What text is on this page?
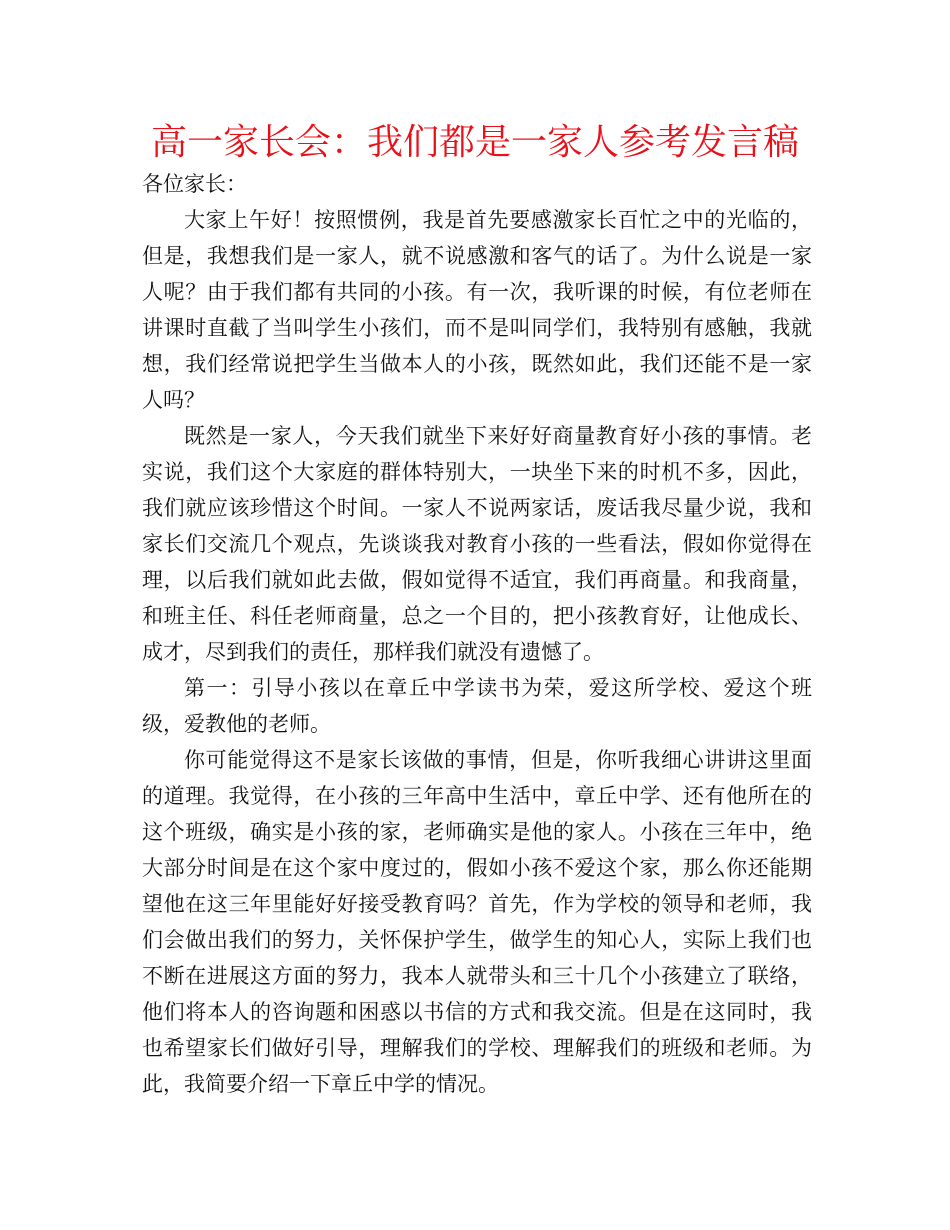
高一家长会：我们都是一家人参考发言稿

各位家长：

大家上午好！按照惯例，我是首先要感激家长百忙之中的光临的，但是，我想我们是一家人，就不说感激和客气的话了。为什么说是一家人呢？由于我们都有共同的小孩。有一次，我听课的时候，有位老师在讲课时直截了当叫学生小孩们，而不是叫同学们，我特别有感触，我就想，我们经常说把学生当做本人的小孩，既然如此，我们还能不是一家人吗？

既然是一家人，今天我们就坐下来好好商量教育好小孩的事情。老实说，我们这个大家庭的群体特别大，一块坐下来的时机不多，因此，我们就应该珍惜这个时间。一家人不说两家话，废话我尽量少说，我和家长们交流几个观点，先谈谈我对教育小孩的一些看法，假如你觉得在理，以后我们就如此去做，假如觉得不适宜，我们再商量。和我商量，和班主任、科任老师商量，总之一个目的，把小孩教育好，让他成长、成才，尽到我们的责任，那样我们就没有遗憾了。

第一：引导小孩以在章丘中学读书为荣，爱这所学校、爱这个班级，爱教他的老师。

你可能觉得这不是家长该做的事情，但是，你听我细心讲讲这里面的道理。我觉得，在小孩的三年高中生活中，章丘中学、还有他所在的这个班级，确实是小孩的家，老师确实是他的家人。小孩在三年中，绝大部分时间是在这个家中度过的，假如小孩不爱这个家，那么你还能期望他在这三年里能好好接受教育吗？首先，作为学校的领导和老师，我们会做出我们的努力，关怀保护学生，做学生的知心人，实际上我们也不断在进展这方面的努力，我本人就带头和三十几个小孩建立了联络，他们将本人的咨询题和困惑以书信的方式和我交流。但是在这同时，我也希望家长们做好引导，理解我们的学校、理解我们的班级和老师。为此，我简要介绍一下章丘中学的情况。
